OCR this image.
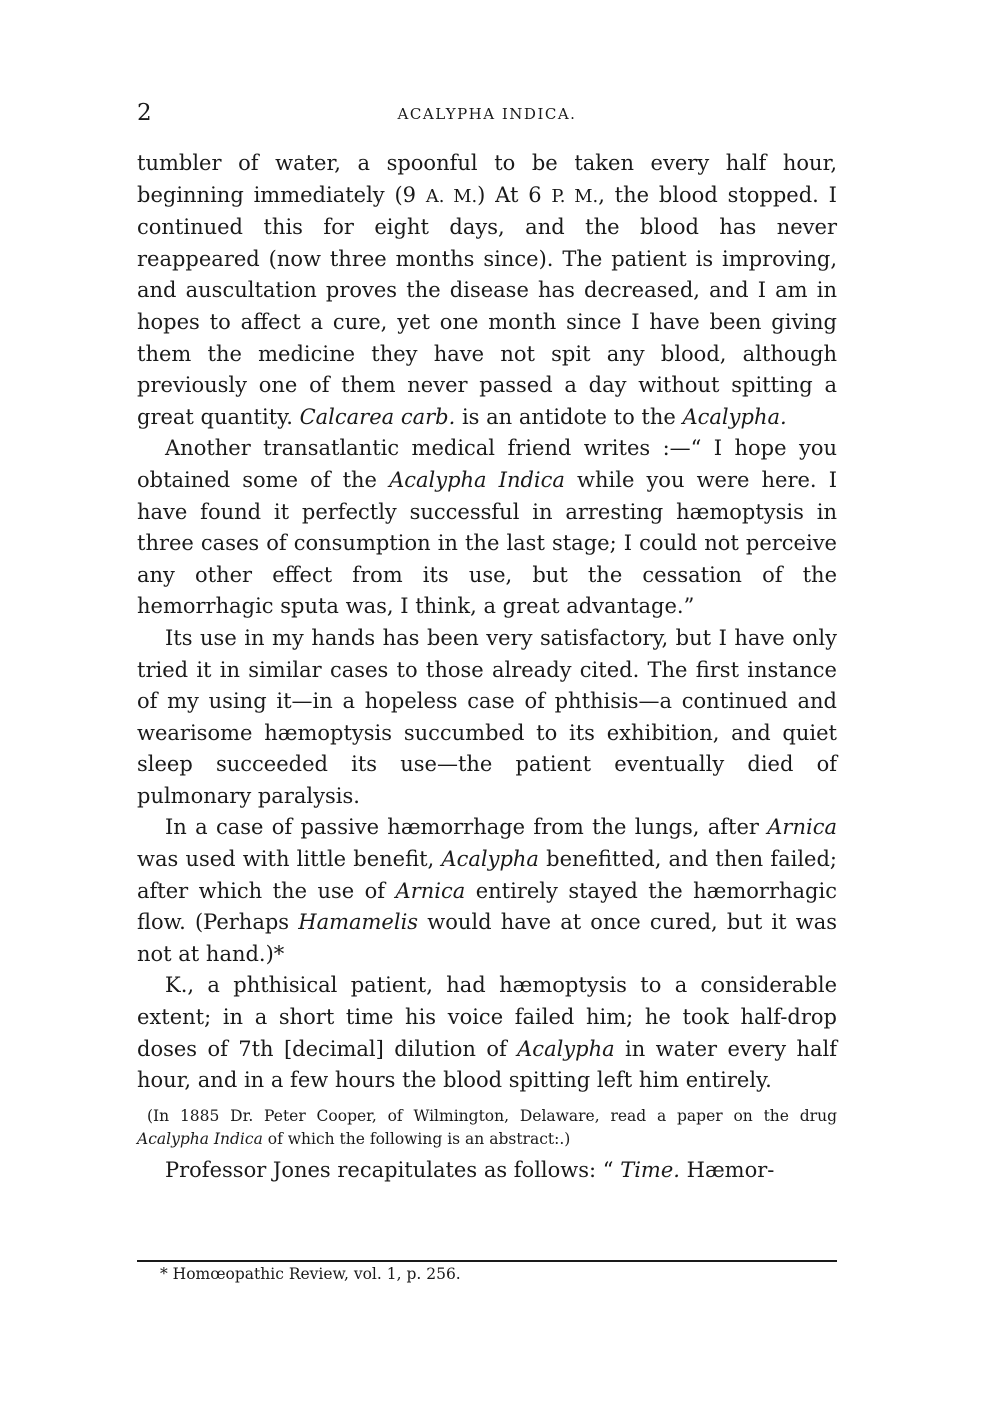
2	ACALYPHA INDICA.

tumbler of water, a spoonful to be taken every half hour, beginning immediately (9 A. M.) At 6 P. M., the blood stopped. I continued this for eight days, and the blood has never reappeared (now three months since). The patient is improving, and auscultation proves the disease has decreased, and I am in hopes to affect a cure, yet one month since I have been giving them the medicine they have not spit any blood, although previously one of them never passed a day without spitting a great quantity. Calcarea carb. is an antidote to the Acalypha.

Another transatlantic medical friend writes :—“ I hope you obtained some of the Acalypha Indica while you were here. I have found it perfectly successful in arresting hæmoptysis in three cases of consumption in the last stage; I could not perceive any other effect from its use, but the cessation of the hemorrhagic sputa was, I think, a great advantage.”

Its use in my hands has been very satisfactory, but I have only tried it in similar cases to those already cited. The first instance of my using it—in a hopeless case of phthisis—a continued and wearisome hæmoptysis succumbed to its exhibition, and quiet sleep succeeded its use—the patient eventually died of pulmonary paralysis.

In a case of passive hæmorrhage from the lungs, after Arnica was used with little benefit, Acalypha benefitted, and then failed; after which the use of Arnica entirely stayed the hæmorrhagic flow. (Perhaps Hamamelis would have at once cured, but it was not at hand.)*

K., a phthisical patient, had hæmoptysis to a considerable extent; in a short time his voice failed him; he took half-drop doses of 7th [decimal] dilution of Acalypha in water every half hour, and in a few hours the blood spitting left him entirely.

(In 1885 Dr. Peter Cooper, of Wilmington, Delaware, read a paper on the drug Acalypha Indica of which the following is an abstract:.)

Professor Jones recapitulates as follows: “ Time. Hæmor-

* Homœopathic Review, vol. 1, p. 256.
